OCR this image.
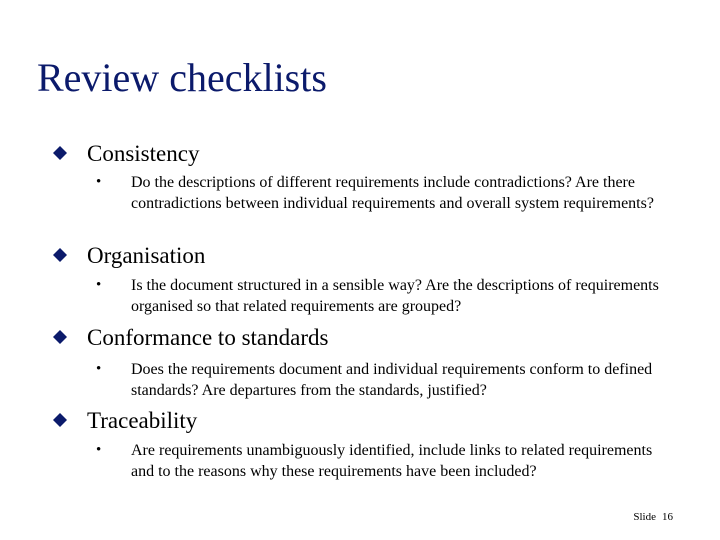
Review checklists
Consistency
• Do the descriptions of different requirements include contradictions? Are there contradictions between individual requirements and overall system requirements?
Organisation
• Is the document structured in a sensible way? Are the descriptions of requirements organised so that related requirements are grouped?
Conformance to standards
• Does the requirements document and individual requirements conform to defined standards? Are departures from the standards, justified?
Traceability
• Are requirements unambiguously identified, include links to related requirements and to the reasons why these requirements have been included?
Slide 16
